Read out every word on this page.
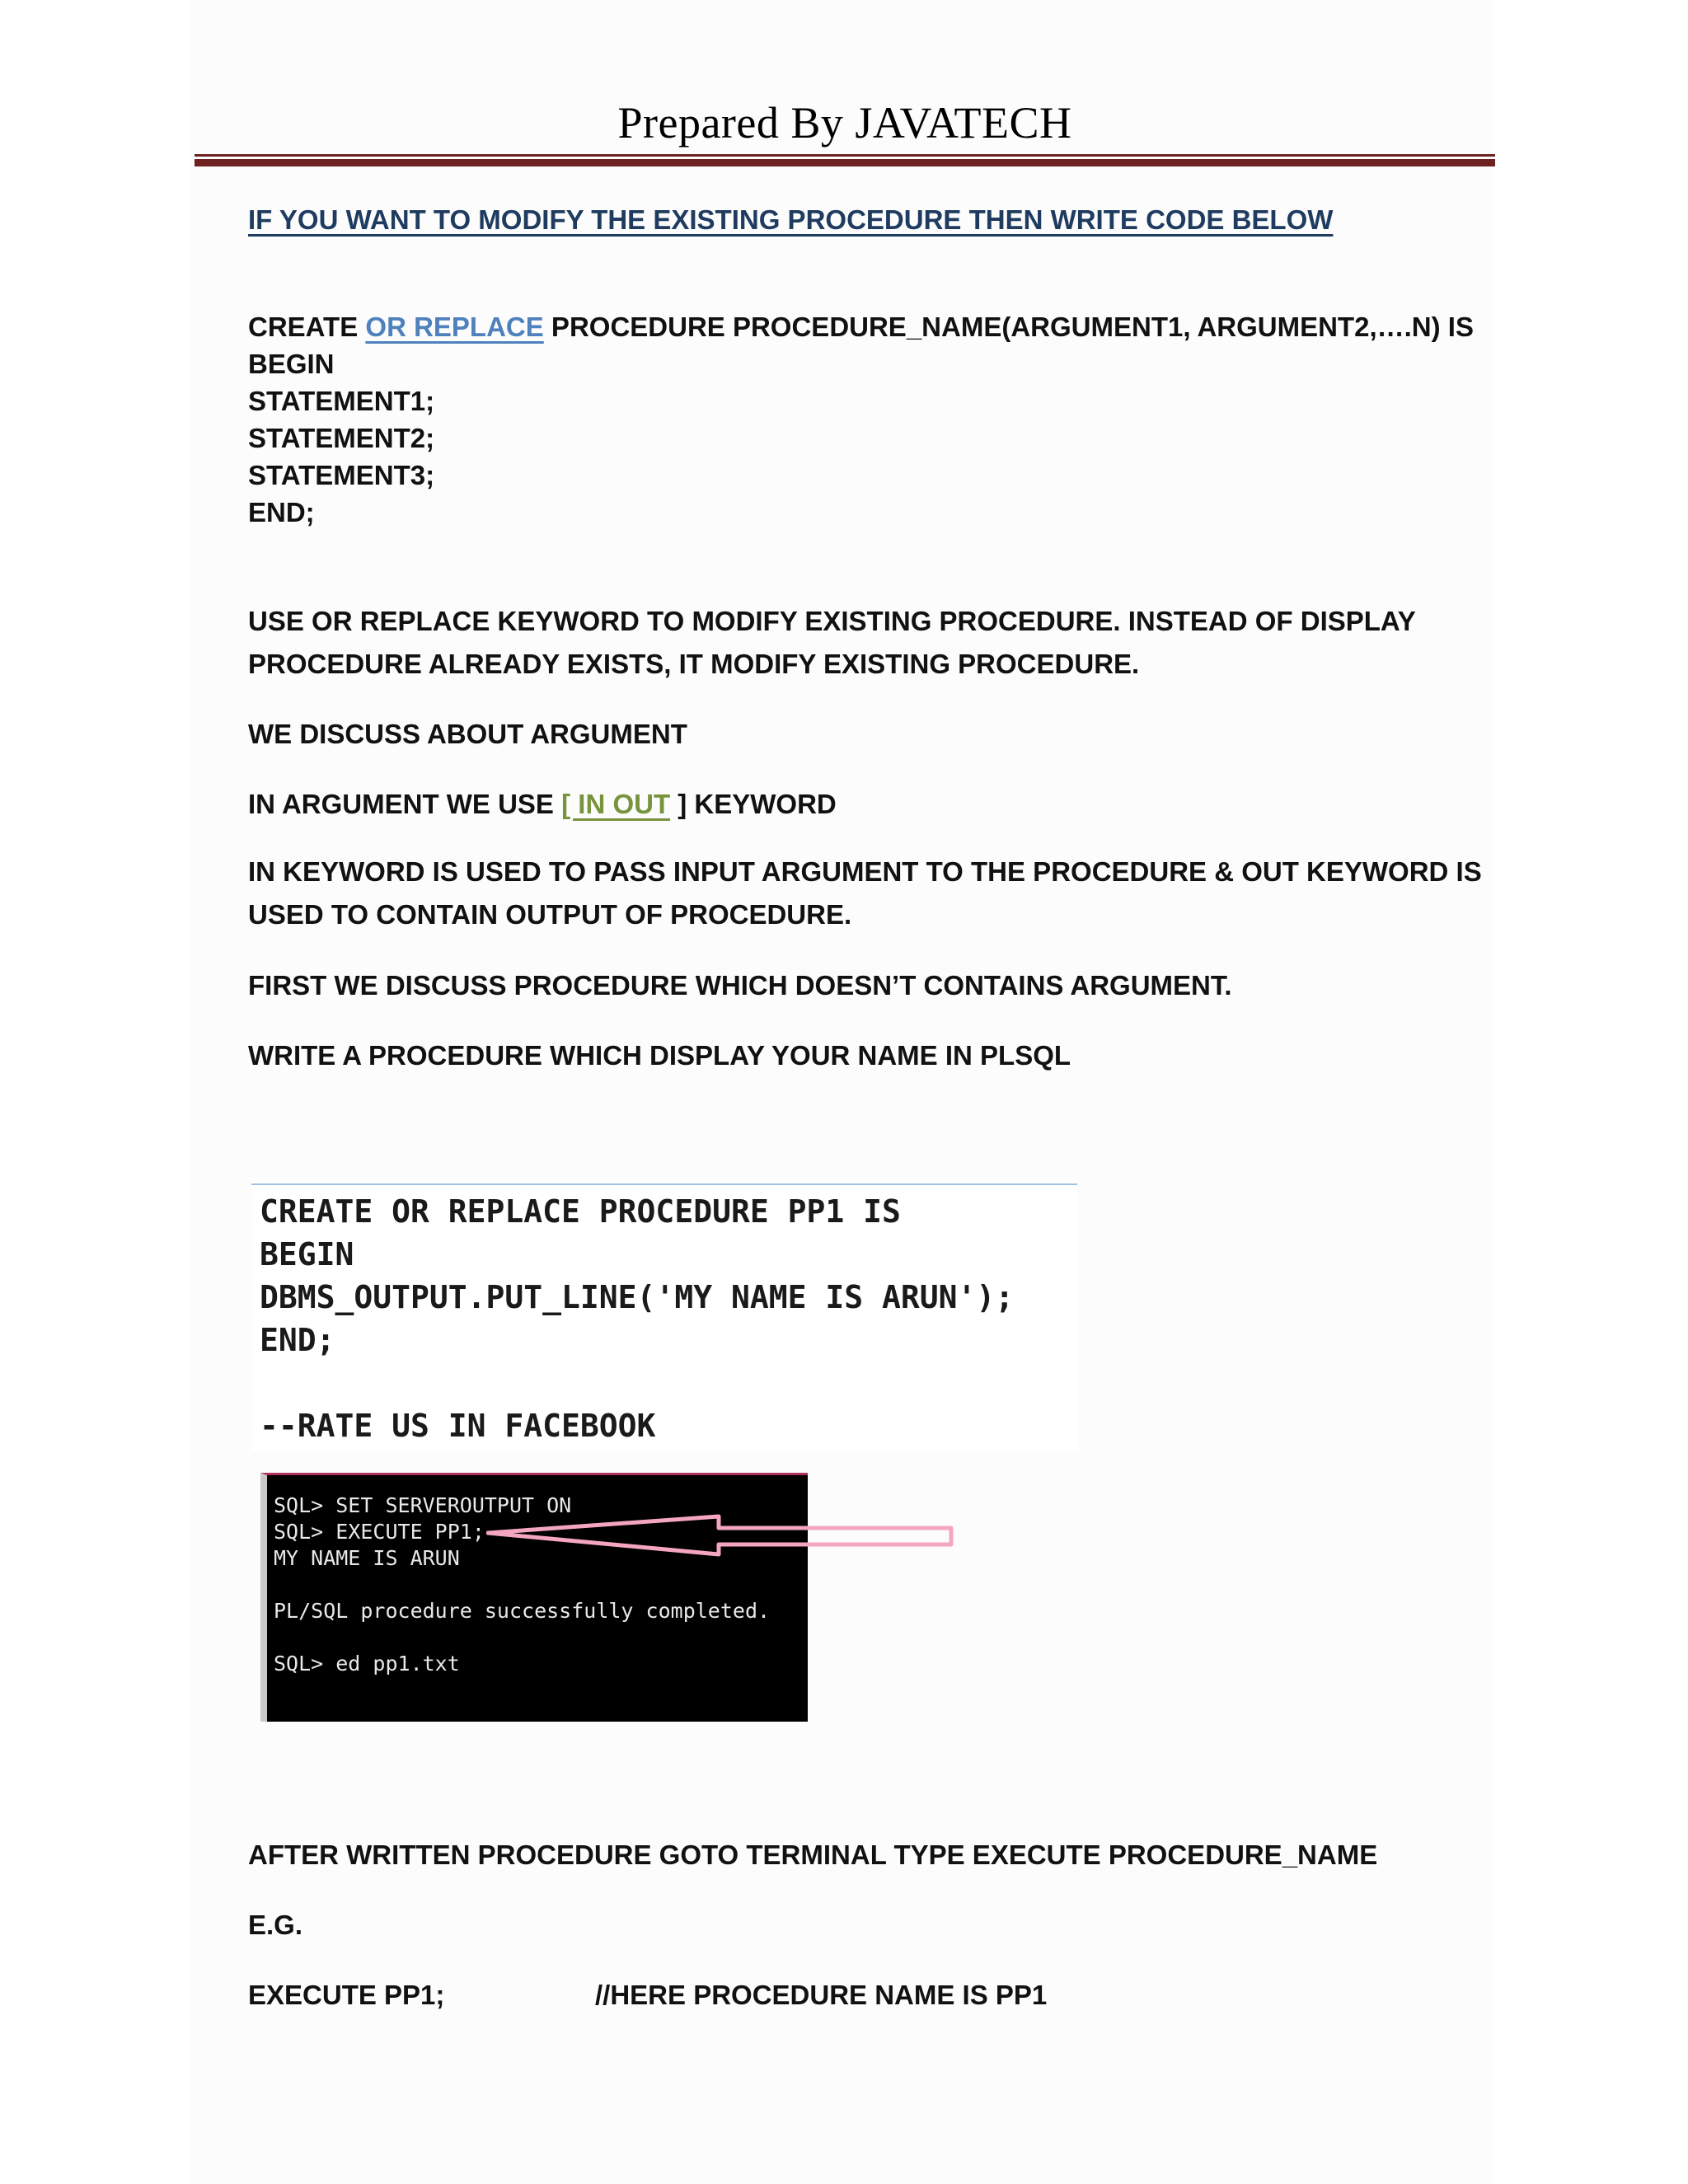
Prepared By JAVATECH
IF YOU WANT TO MODIFY THE EXISTING PROCEDURE THEN WRITE CODE BELOW
CREATE OR REPLACE PROCEDURE PROCEDURE_NAME(ARGUMENT1, ARGUMENT2,….N) IS
BEGIN
STATEMENT1;
STATEMENT2;
STATEMENT3;
END;
USE OR REPLACE KEYWORD TO MODIFY EXISTING PROCEDURE. INSTEAD OF DISPLAY PROCEDURE ALREADY EXISTS, IT MODIFY EXISTING PROCEDURE.
WE DISCUSS ABOUT ARGUMENT
IN ARGUMENT WE USE [ IN OUT ] KEYWORD
IN KEYWORD IS USED TO PASS INPUT ARGUMENT TO THE PROCEDURE & OUT KEYWORD IS USED TO CONTAIN OUTPUT OF PROCEDURE.
FIRST WE DISCUSS PROCEDURE WHICH DOESN’T CONTAINS ARGUMENT.
WRITE A PROCEDURE WHICH DISPLAY YOUR NAME IN PLSQL
CREATE OR REPLACE PROCEDURE PP1 IS
BEGIN
DBMS_OUTPUT.PUT_LINE('MY NAME IS ARUN');
END;
--RATE US IN FACEBOOK
SQL> SET SERVEROUTPUT ON
SQL> EXECUTE PP1;
MY NAME IS ARUN
PL/SQL procedure successfully completed.
SQL> ed pp1.txt
AFTER WRITTEN PROCEDURE GOTO TERMINAL TYPE EXECUTE PROCEDURE_NAME
E.G.
EXECUTE PP1;	//HERE PROCEDURE NAME IS PP1
